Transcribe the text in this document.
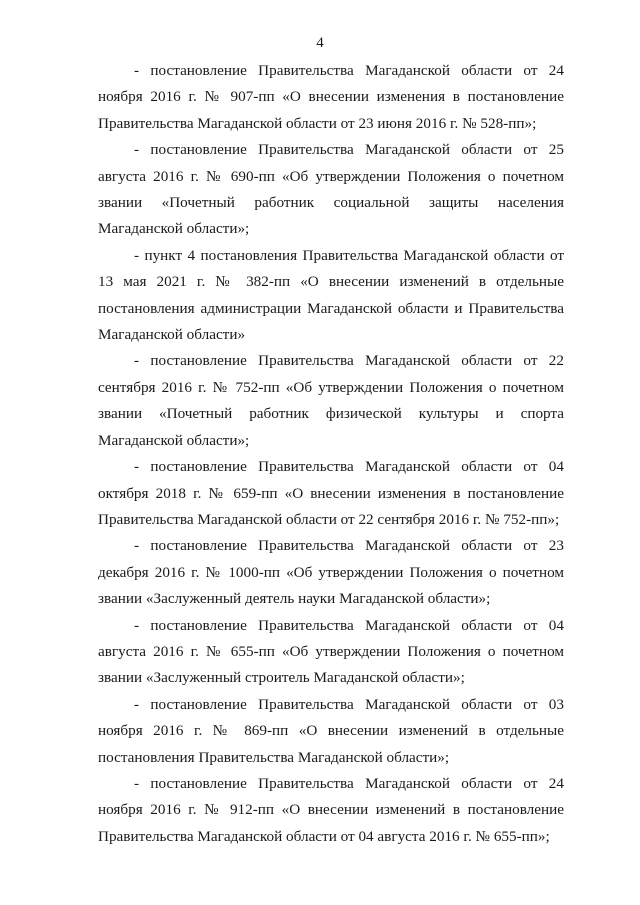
4

- постановление Правительства Магаданской области от 24 ноября 2016 г. № 907-пп «О внесении изменения в постановление Правительства Магаданской области от 23 июня 2016 г. № 528-пп»;

- постановление Правительства Магаданской области от 25 августа 2016 г. № 690-пп «Об утверждении Положения о почетном звании «Почетный работник социальной защиты населения Магаданской области»;

- пункт 4 постановления Правительства Магаданской области от 13 мая 2021 г. № 382-пп «О внесении изменений в отдельные постановления администрации Магаданской области и Правительства Магаданской области»

- постановление Правительства Магаданской области от 22 сентября 2016 г. № 752-пп «Об утверждении Положения о почетном звании «Почетный работник физической культуры и спорта Магаданской области»;

- постановление Правительства Магаданской области от 04 октября 2018 г. № 659-пп «О внесении изменения в постановление Правительства Магаданской области от 22 сентября 2016 г. № 752-пп»;

- постановление Правительства Магаданской области от 23 декабря 2016 г. № 1000-пп «Об утверждении Положения о почетном звании «Заслуженный деятель науки Магаданской области»;

- постановление Правительства Магаданской области от 04 августа 2016 г. № 655-пп «Об утверждении Положения о почетном звании «Заслуженный строитель Магаданской области»;

- постановление Правительства Магаданской области от 03 ноября 2016 г. № 869-пп «О внесении изменений в отдельные постановления Правительства Магаданской области»;

- постановление Правительства Магаданской области от 24 ноября 2016 г. № 912-пп «О внесении изменений в постановление Правительства Магаданской области от 04 августа 2016 г. № 655-пп»;
